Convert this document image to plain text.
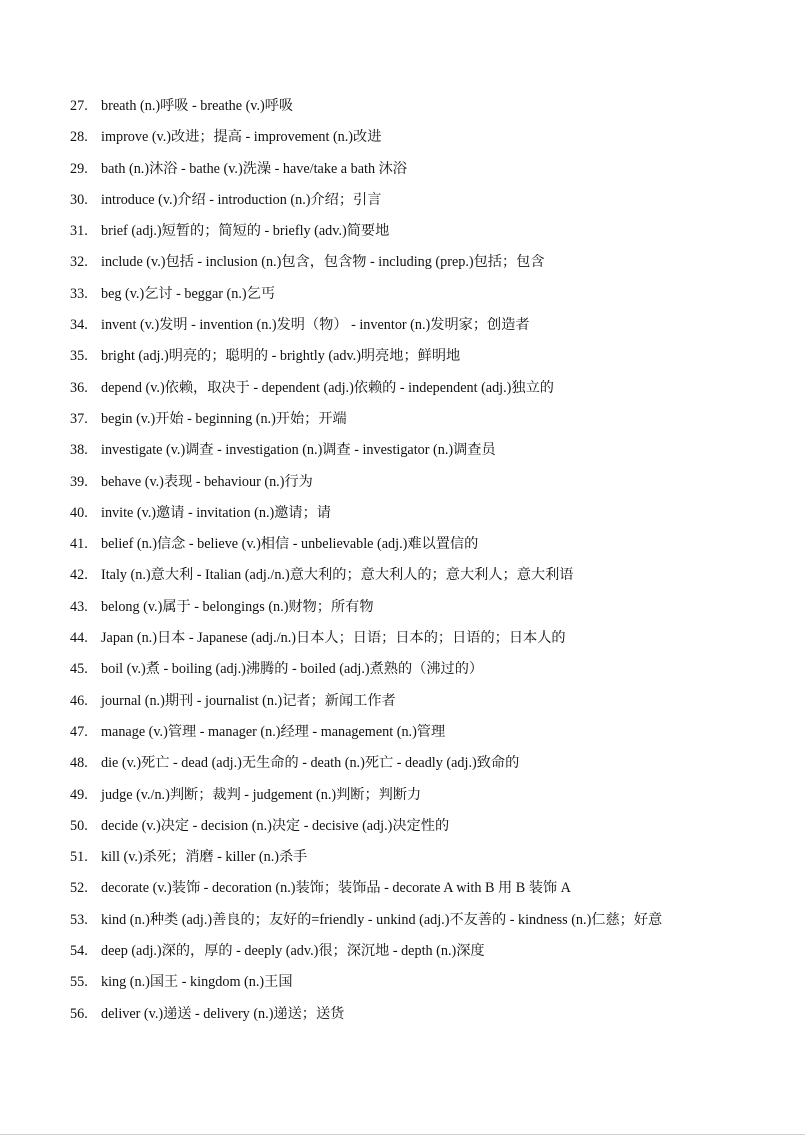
27. breath (n.)呼吸 - breathe (v.)呼吸
28. improve (v.)改进；提高 - improvement (n.)改进
29. bath (n.)沐浴 - bathe (v.)洗澡 - have/take a bath 沐浴
30. introduce (v.)介绍 - introduction (n.)介绍；引言
31. brief (adj.)短暂的；简短的 - briefly (adv.)简要地
32. include (v.)包括 - inclusion (n.)包含，包含物 - including (prep.)包括；包含
33. beg (v.)乞讨 - beggar (n.)乞丐
34. invent (v.)发明 - invention (n.)发明（物） - inventor (n.)发明家；创造者
35. bright (adj.)明亮的；聪明的 - brightly (adv.)明亮地；鲜明地
36. depend (v.)依赖，取决于 - dependent (adj.)依赖的 - independent (adj.)独立的
37. begin (v.)开始 - beginning (n.)开始；开端
38. investigate (v.)调查 - investigation (n.)调查 - investigator (n.)调查员
39. behave (v.)表现 - behaviour (n.)行为
40. invite (v.)邀请 - invitation (n.)邀请；请
41. belief (n.)信念 - believe (v.)相信 - unbelievable (adj.)难以置信的
42. Italy (n.)意大利 - Italian (adj./n.)意大利的；意大利人的；意大利人；意大利语
43. belong (v.)属于 - belongings (n.)财物；所有物
44. Japan (n.)日本 - Japanese (adj./n.)日本人；日语；日本的；日语的；日本人的
45. boil (v.)煮 - boiling (adj.)沸腾的 - boiled (adj.)煮熟的（沸过的）
46. journal (n.)期刊 - journalist (n.)记者；新闻工作者
47. manage (v.)管理 - manager (n.)经理 - management (n.)管理
48. die (v.)死亡 - dead (adj.)无生命的 - death (n.)死亡 - deadly (adj.)致命的
49. judge (v./n.)判断；裁判 - judgement (n.)判断；判断力
50. decide (v.)决定 - decision (n.)决定 - decisive (adj.)决定性的
51. kill (v.)杀死；消磨 - killer (n.)杀手
52. decorate (v.)装饰 - decoration (n.)装饰；装饰品 - decorate A with B 用 B 装饰 A
53. kind (n.)种类 (adj.)善良的；友好的=friendly - unkind (adj.)不友善的 - kindness (n.)仁慈；好意
54. deep (adj.)深的，厚的 - deeply (adv.)很；深沉地 - depth (n.)深度
55. king (n.)国王 - kingdom (n.)王国
56. deliver (v.)递送 - delivery (n.)递送；送货
